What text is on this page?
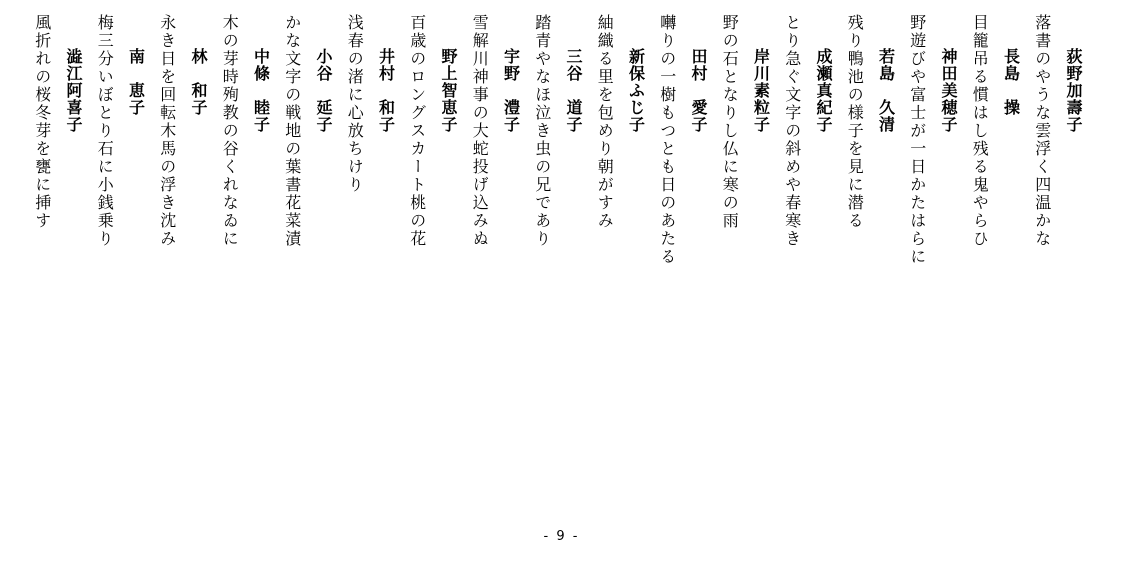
荻野加壽子
落書のやうな雲浮く四温かな
長島　操
目籠吊る慣はし残る鬼やらひ
神田美穂子
野遊びや富士が一日かたはらに
若島　久清
残り鴨池の様子を見に潜る
成瀬真紀子
とり急ぐ文字の斜めや春寒き
岸川素粒子
野の石となりし仏に寒の雨
田村　愛子
囀りの一樹もつとも日のあたる
新保ふじ子
紬織る里を包めり朝がすみ
三谷　道子
踏青やなほ泣き虫の兄であり
宇野　澧子
雪解川神事の大蛇投げ込みぬ
野上智恵子
百歳のロングスカート桃の花
井村　和子
浅春の渚に心放ちけり
小谷　延子
かな文字の戦地の葉書花菜漬
中條　睦子
木の芽時殉教の谷くれなゐに
林　和子
永き日を回転木馬の浮き沈み
南　恵子
梅三分いぼとり石に小銭乗り
澁江阿喜子
風折れの桜冬芽を甕に挿す
- 9 -
